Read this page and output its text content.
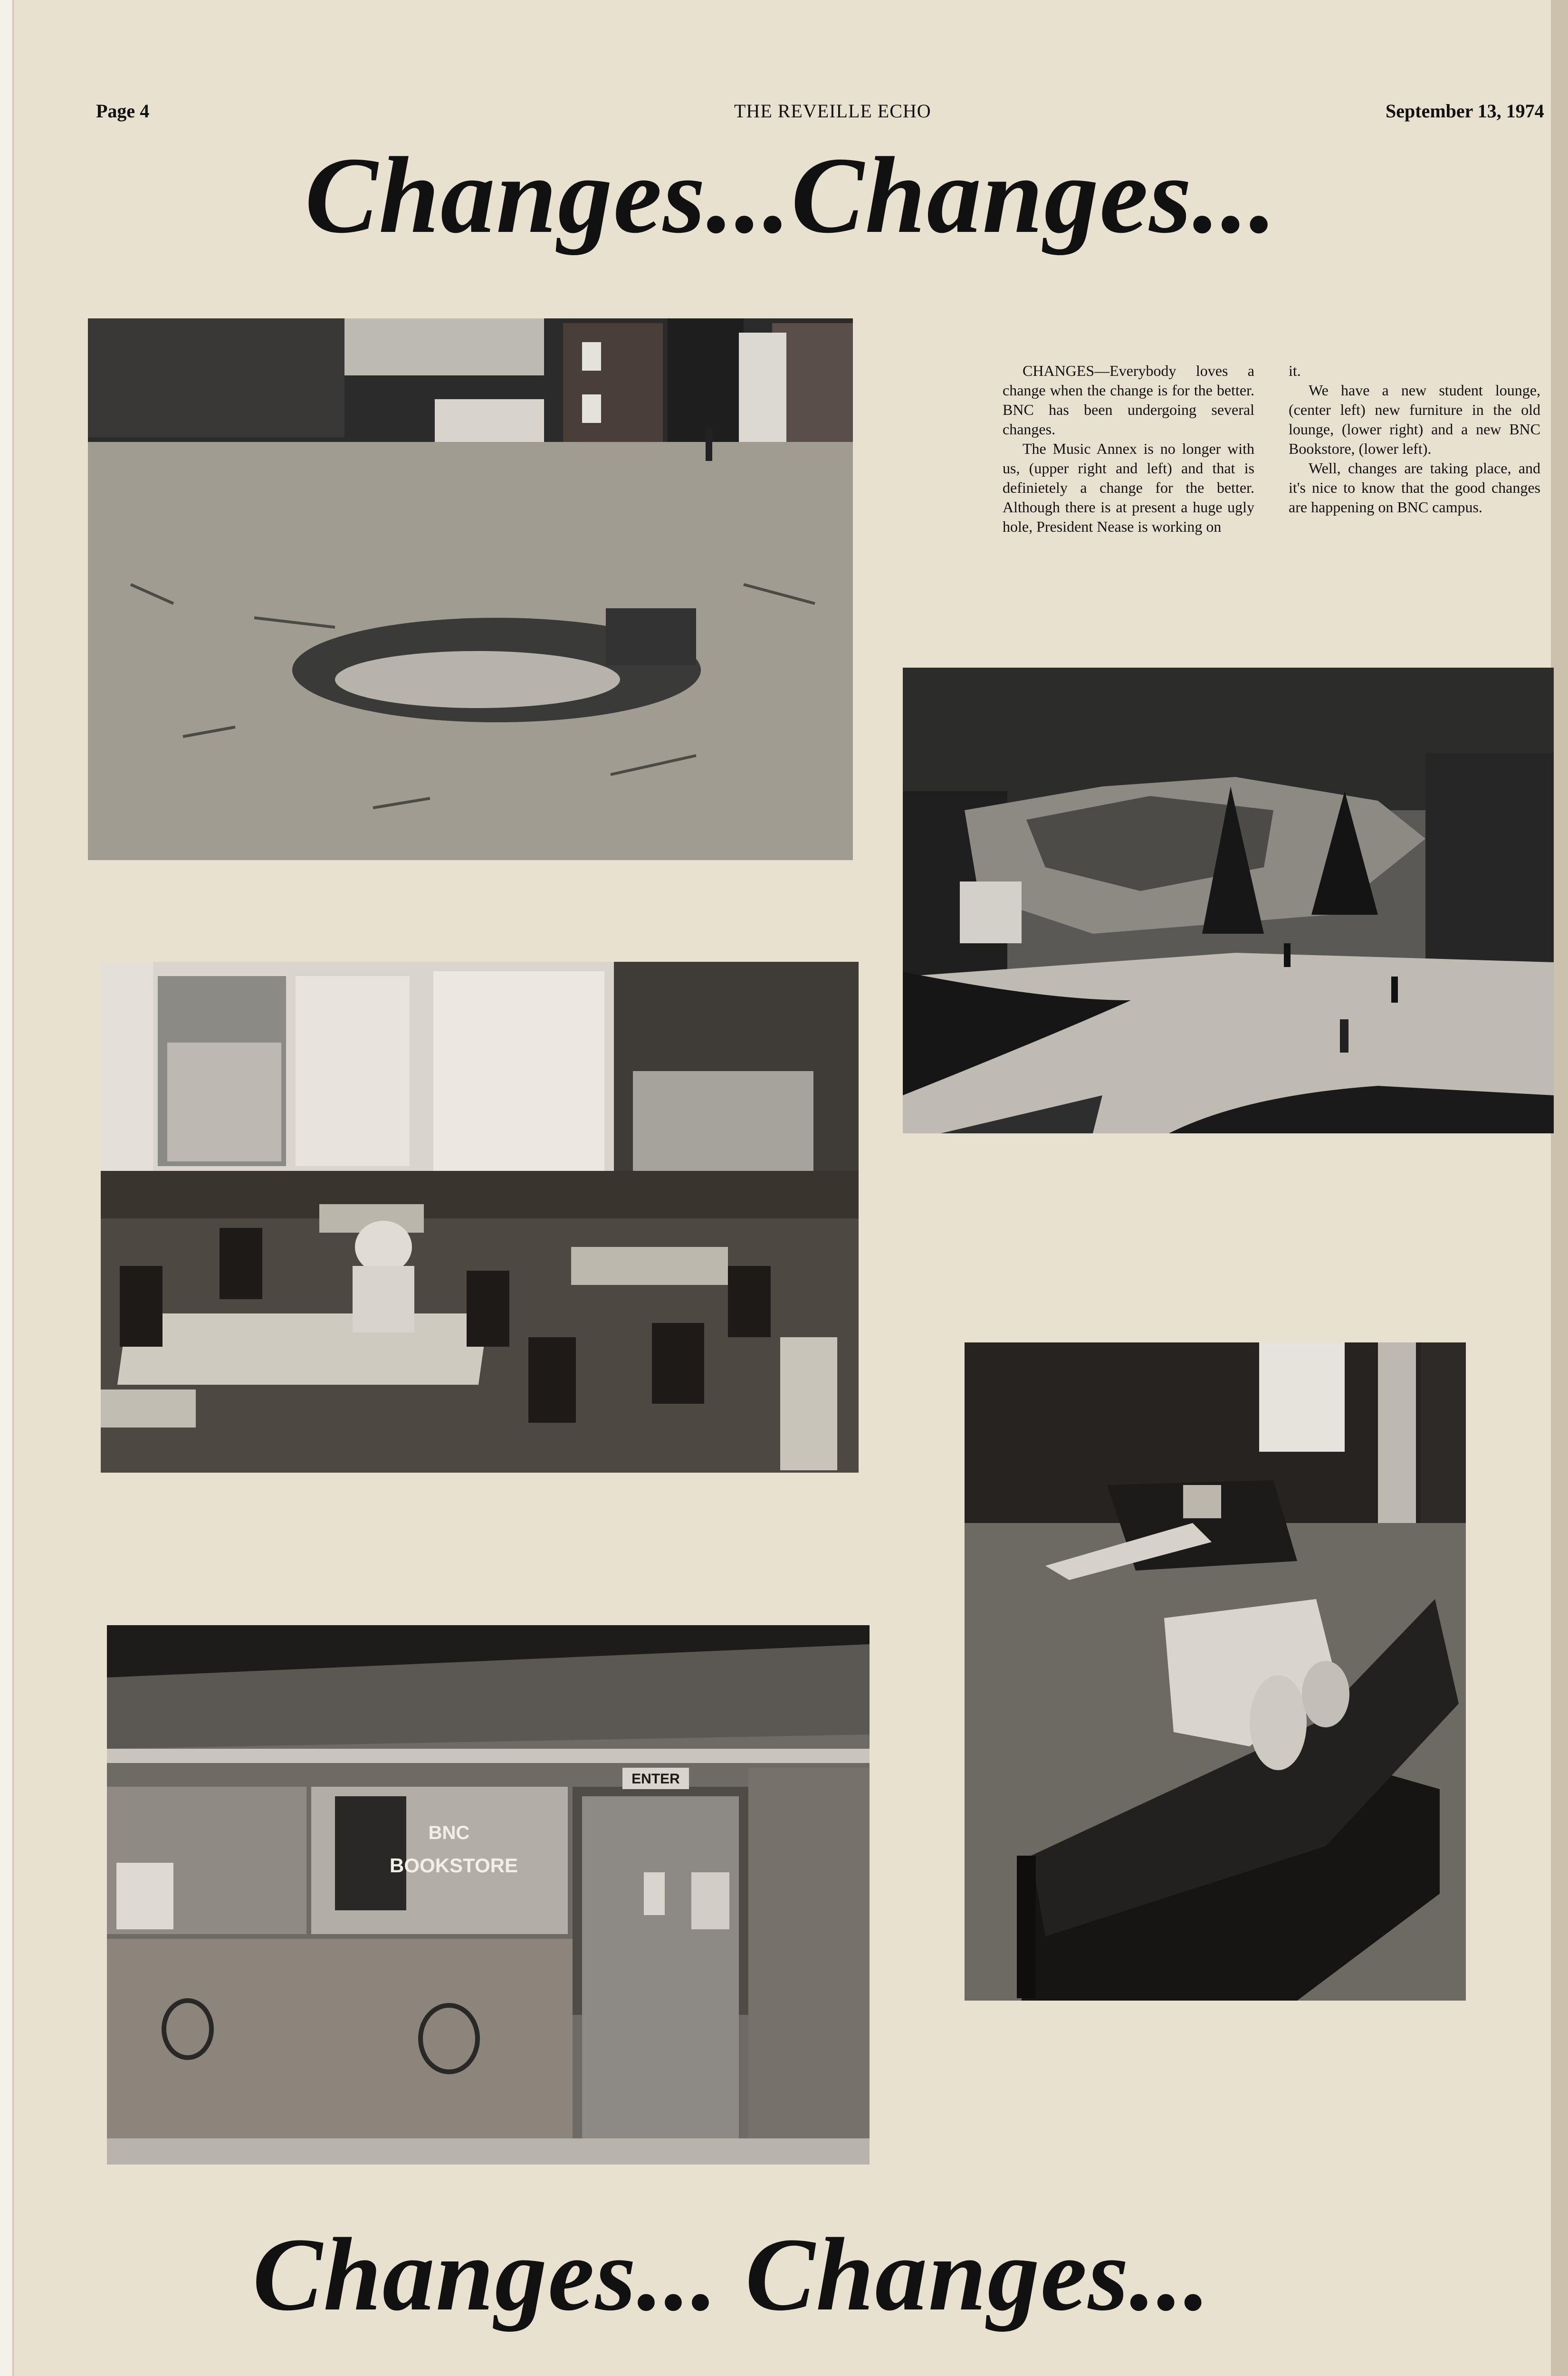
Page 4	THE REVEILLE ECHO	September 13, 1974
Changes...Changes...

CHANGES—Everybody loves a change when the change is for the better. BNC has been undergoing several changes.

The Music Annex is no longer with us, (upper right and left) and that is definietely a change for the better. Although there is at present a huge ugly hole, President Nease is working on

it.

We have a new student lounge, (center left) new furniture in the old lounge, (lower right) and a new BNC Bookstore, (lower left).

Well, changes are taking place, and it's nice to know that the good changes are happening on BNC campus.

ENTER
BNC
BOOKSTORE
Changes... Changes...
